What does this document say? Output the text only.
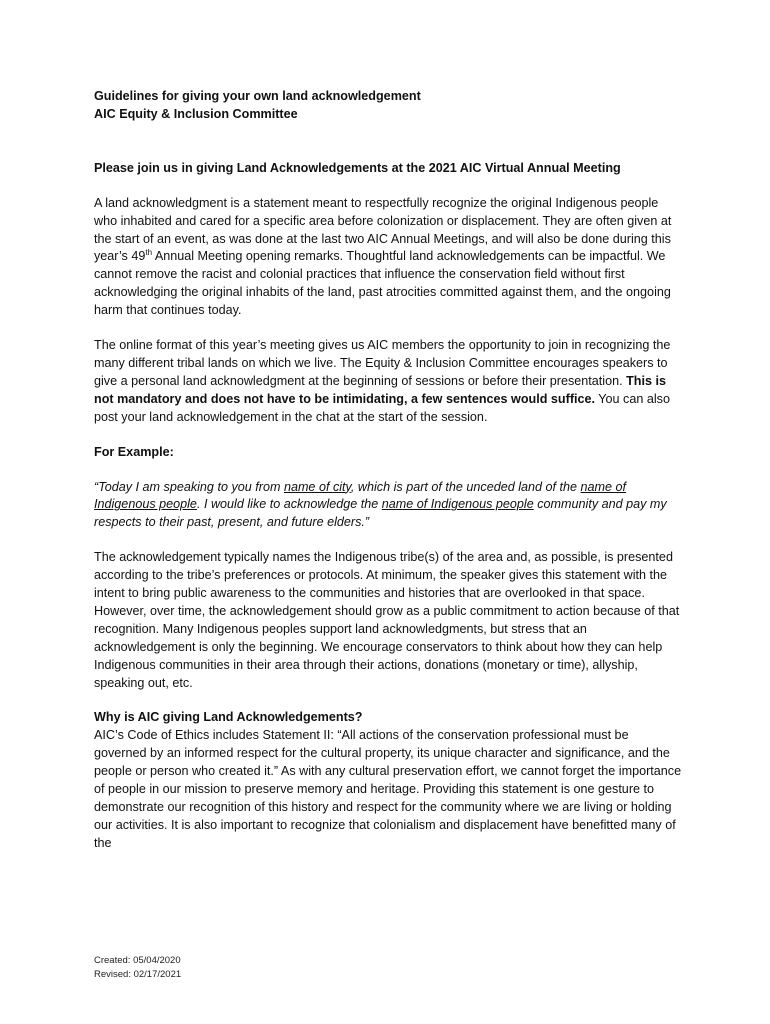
Guidelines for giving your own land acknowledgement

AIC Equity & Inclusion Committee

Please join us in giving Land Acknowledgements at the 2021 AIC Virtual Annual Meeting

A land acknowledgment is a statement meant to respectfully recognize the original Indigenous people who inhabited and cared for a specific area before colonization or displacement. They are often given at the start of an event, as was done at the last two AIC Annual Meetings, and will also be done during this year’s 49th Annual Meeting opening remarks. Thoughtful land acknowledgements can be impactful. We cannot remove the racist and colonial practices that influence the conservation field without first acknowledging the original inhabits of the land, past atrocities committed against them, and the ongoing harm that continues today.

The online format of this year’s meeting gives us AIC members the opportunity to join in recognizing the many different tribal lands on which we live. The Equity & Inclusion Committee encourages speakers to give a personal land acknowledgment at the beginning of sessions or before their presentation. This is not mandatory and does not have to be intimidating, a few sentences would suffice. You can also post your land acknowledgement in the chat at the start of the session.

For Example:

“Today I am speaking to you from name of city, which is part of the unceded land of the name of Indigenous people. I would like to acknowledge the name of Indigenous people community and pay my respects to their past, present, and future elders.”

The acknowledgement typically names the Indigenous tribe(s) of the area and, as possible, is presented according to the tribe’s preferences or protocols. At minimum, the speaker gives this statement with the intent to bring public awareness to the communities and histories that are overlooked in that space. However, over time, the acknowledgement should grow as a public commitment to action because of that recognition. Many Indigenous peoples support land acknowledgments, but stress that an acknowledgement is only the beginning. We encourage conservators to think about how they can help Indigenous communities in their area through their actions, donations (monetary or time), allyship, speaking out, etc.

Why is AIC giving Land Acknowledgements?

AIC’s Code of Ethics includes Statement II: “All actions of the conservation professional must be governed by an informed respect for the cultural property, its unique character and significance, and the people or person who created it.” As with any cultural preservation effort, we cannot forget the importance of people in our mission to preserve memory and heritage. Providing this statement is one gesture to demonstrate our recognition of this history and respect for the community where we are living or holding our activities. It is also important to recognize that colonialism and displacement have benefitted many of the

Created: 05/04/2020
Revised: 02/17/2021
